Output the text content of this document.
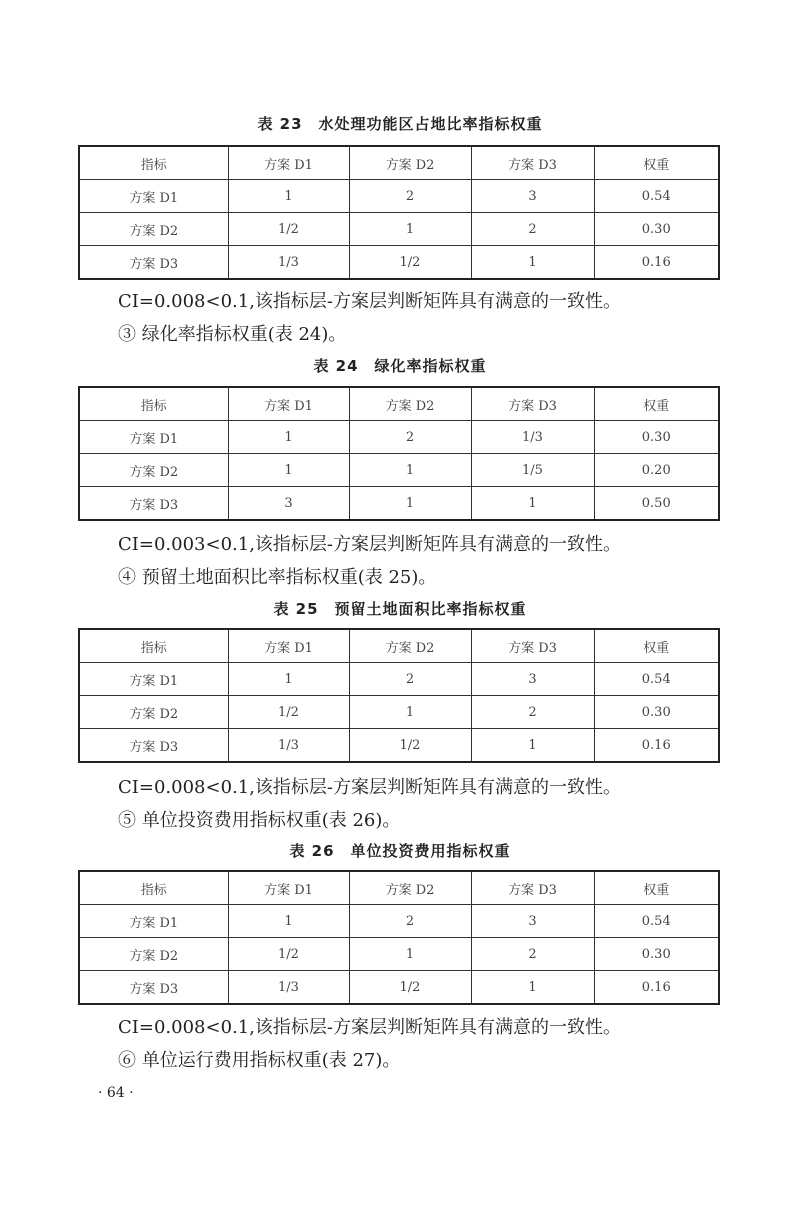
表 23 水处理功能区占地比率指标权重
指标	方案 D1	方案 D2	方案 D3	权重
方案 D1	1	2	3	0.54
方案 D2	1/2	1	2	0.30
方案 D3	1/3	1/2	1	0.16
CI=0.008<0.1,该指标层-方案层判断矩阵具有满意的一致性。
③ 绿化率指标权重(表 24)。
表 24 绿化率指标权重
指标	方案 D1	方案 D2	方案 D3	权重
方案 D1	1	2	1/3	0.30
方案 D2	1	1	1/5	0.20
方案 D3	3	1	1	0.50
CI=0.003<0.1,该指标层-方案层判断矩阵具有满意的一致性。
④ 预留土地面积比率指标权重(表 25)。
表 25 预留土地面积比率指标权重
指标	方案 D1	方案 D2	方案 D3	权重
方案 D1	1	2	3	0.54
方案 D2	1/2	1	2	0.30
方案 D3	1/3	1/2	1	0.16
CI=0.008<0.1,该指标层-方案层判断矩阵具有满意的一致性。
⑤ 单位投资费用指标权重(表 26)。
表 26 单位投资费用指标权重
指标	方案 D1	方案 D2	方案 D3	权重
方案 D1	1	2	3	0.54
方案 D2	1/2	1	2	0.30
方案 D3	1/3	1/2	1	0.16
CI=0.008<0.1,该指标层-方案层判断矩阵具有满意的一致性。
⑥ 单位运行费用指标权重(表 27)。
· 64 ·
